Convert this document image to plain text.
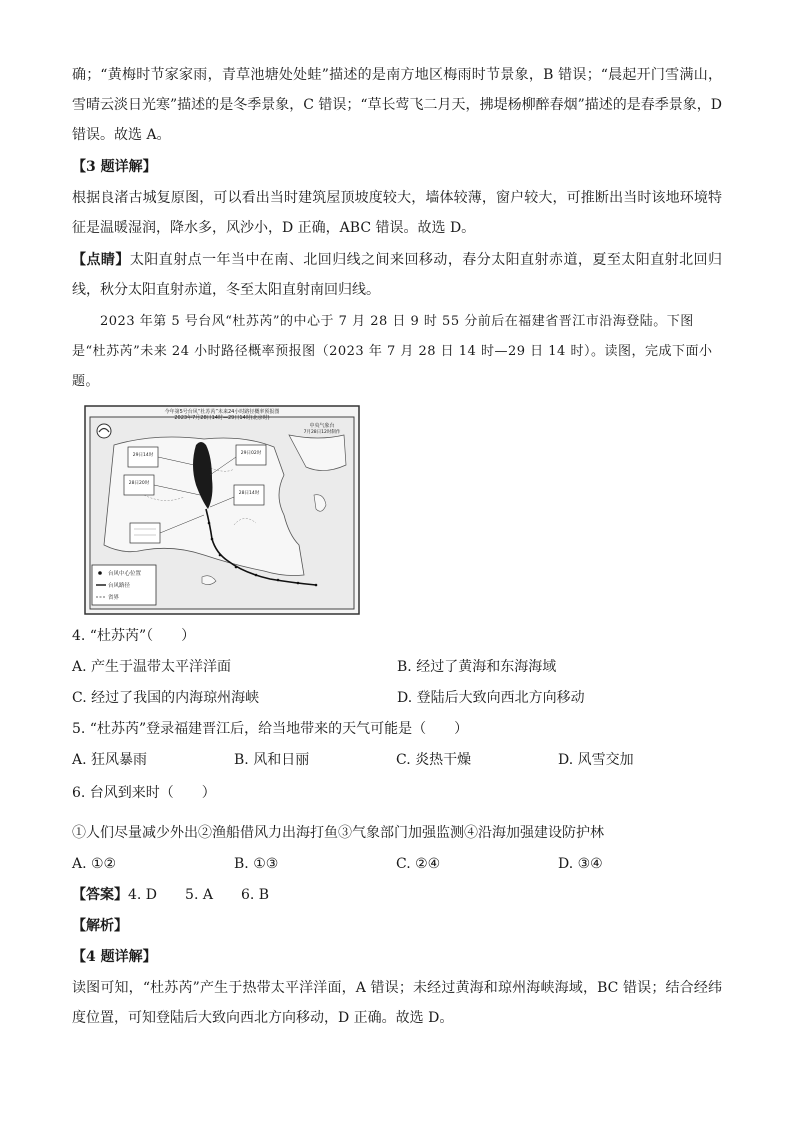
确；“黄梅时节家家雨，青草池塘处处蛙”描述的是南方地区梅雨时节景象，B 错误；“晨起开门雪满山，雪晴云淡日光寒”描述的是冬季景象，C 错误；“草长莺飞二月天，拂堤杨柳醉春烟”描述的是春季景象，D 错误。故选 A。

【3 题详解】

根据良渚古城复原图，可以看出当时建筑屋顶坡度较大，墙体较薄，窗户较大，可推断出当时该地环境特征是温暖湿润，降水多，风沙小，D 正确，ABC 错误。故选 D。

【点睛】太阳直射点一年当中在南、北回归线之间来回移动，春分太阳直射赤道，夏至太阳直射北回归线，秋分太阳直射赤道，冬至太阳直射南回归线。

2023 年第 5 号台风“杜苏芮”的中心于 7 月 28 日 9 时 55 分前后在福建省晋江市沿海登陆。下图是“杜苏芮”未来 24 小时路径概率预报图（2023 年 7 月 28 日 14 时—29 日 14 时）。读图，完成下面小题。

今年第5号台风“杜苏芮”未来24小时路径概率预报图
2023年7月28日14时—29日14时(北京时)
中央气象台
7月28日12时制作
29日14时	29日02时
28日20时
28日14时
台风中心位置
台风路径
省界

4. “杜苏芮”（　　）

A. 产生于温带太平洋洋面	B. 经过了黄海和东海海域
C. 经过了我国的内海琼州海峡	D. 登陆后大致向西北方向移动

5. “杜苏芮”登录福建晋江后，给当地带来的天气可能是（　　）

A. 狂风暴雨	B. 风和日丽	C. 炎热干燥	D. 风雪交加

6. 台风到来时（　　）

①人们尽量减少外出②渔船借风力出海打鱼③气象部门加强监测④沿海加强建设防护林

A. ①②	B. ①③	C. ②④	D. ③④

【答案】4. D　　5. A　　6. B

【解析】

【4 题详解】

读图可知，“杜苏芮”产生于热带太平洋洋面，A 错误；未经过黄海和琼州海峡海域，BC 错误；结合经纬度位置，可知登陆后大致向西北方向移动，D 正确。故选 D。
